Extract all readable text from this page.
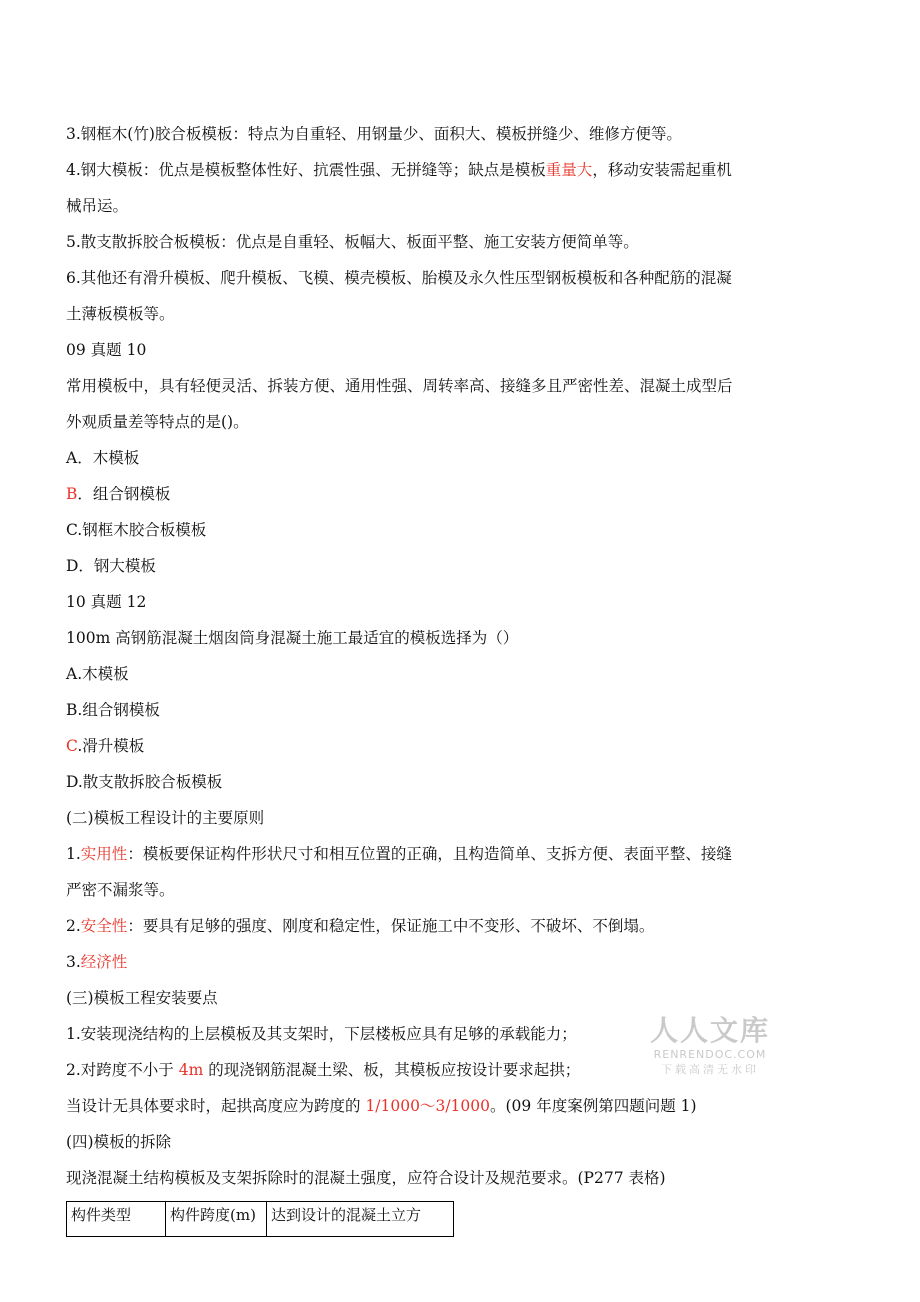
3.钢框木(竹)胶合板模板：特点为自重轻、用钢量少、面积大、模板拼缝少、维修方便等。
4.钢大模板：优点是模板整体性好、抗震性强、无拼缝等；缺点是模板重量大，移动安装需起重机
械吊运。
5.散支散拆胶合板模板：优点是自重轻、板幅大、板面平整、施工安装方便简单等。
6.其他还有滑升模板、爬升模板、飞模、模壳模板、胎模及永久性压型钢板模板和各种配筋的混凝
土薄板模板等。
09 真题 10
常用模板中，具有轻便灵活、拆装方便、通用性强、周转率高、接缝多且严密性差、混凝土成型后
外观质量差等特点的是()。
A．木模板
B．组合钢模板
C.钢框木胶合板模板
D．钢大模板
10 真题 12
100m 高钢筋混凝土烟囱筒身混凝土施工最适宜的模板选择为（）
A.木模板
B.组合钢模板
C.滑升模板
D.散支散拆胶合板模板
(二)模板工程设计的主要原则
1.实用性：模板要保证构件形状尺寸和相互位置的正确，且构造简单、支拆方便、表面平整、接缝
严密不漏浆等。
2.安全性：要具有足够的强度、刚度和稳定性，保证施工中不变形、不破坏、不倒塌。
3.经济性
(三)模板工程安装要点
1.安装现浇结构的上层模板及其支架时，下层楼板应具有足够的承载能力；
2.对跨度不小于 4m 的现浇钢筋混凝土梁、板，其模板应按设计要求起拱；
当设计无具体要求时，起拱高度应为跨度的 1/1000～3/1000。(09 年度案例第四题问题 1)
(四)模板的拆除
现浇混凝土结构模板及支架拆除时的混凝土强度，应符合设计及规范要求。(P277 表格)
人人文库
RENRENDOC.COM
下载高清无水印
构件类型	构件跨度(m)	达到设计的混凝土立方
